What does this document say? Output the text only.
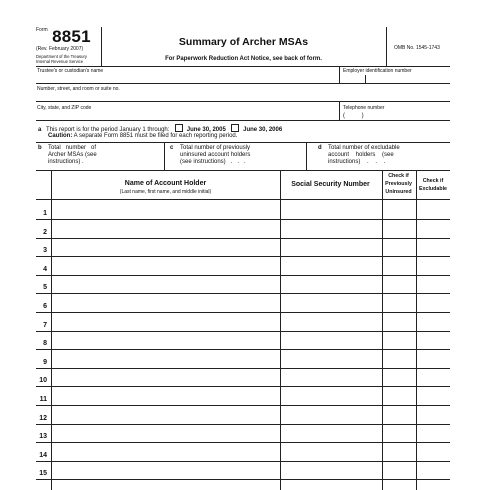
$^{Form}$ 8851
(Rev. February 2007)
Department of the Treasury
Internal Revenue Service
Summary of Archer MSAs
For Paperwork Reduction Act Notice, see back of form.
OMB No. 1545-1743
Trustee's or custodian's name	Employer identification number
Number, street, and room or suite no.
City, state, and ZIP code	Telephone number
(          )
a This report is for the period January 1 through:	June 30, 2005	June 30, 2006
Caution: A separate Form 8851 must be filed for each reporting period.
b Total   number   of
Archer MSAs (see
instructions) .
c Total number of previously
uninsured account holders
(see instructions)   .   .   .
d Total number of excludable
account    holders    (see
instructions)    .    .    .
Name of Account Holder
(Last name, first name, and middle initial)
Social Security Number
Check if
Previously
Uninsured
Check if
Excludable
1
2
3
4
5
6
7
8
9
10
11
12
13
14
15
